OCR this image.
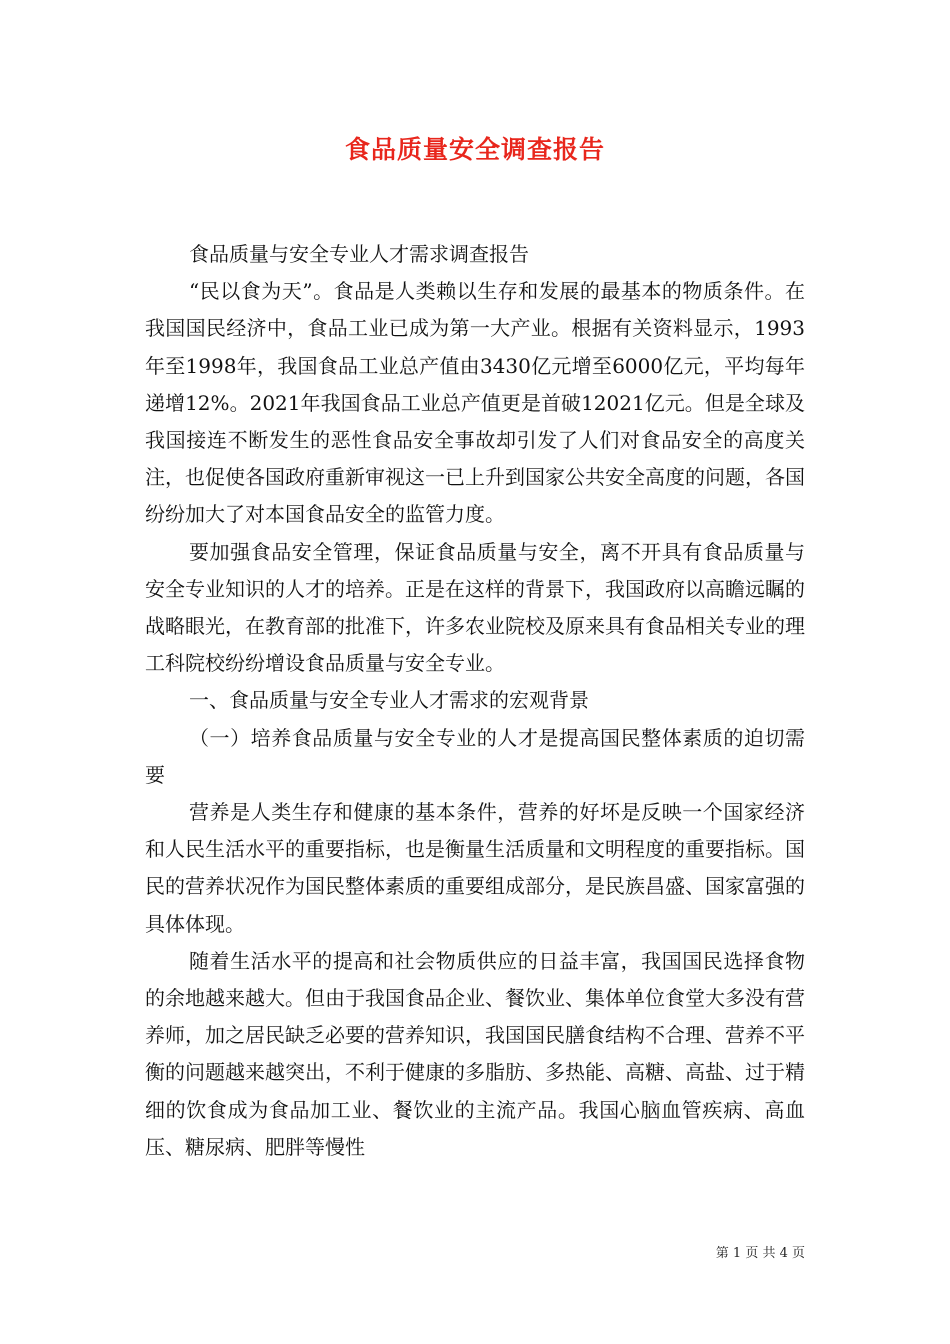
食品质量安全调查报告

食品质量与安全专业人才需求调查报告

“民以食为天”。食品是人类赖以生存和发展的最基本的物质条件。在我国国民经济中，食品工业已成为第一大产业。根据有关资料显示，1993年至1998年，我国食品工业总产值由3430亿元增至6000亿元，平均每年递增12%。2021年我国食品工业总产值更是首破12021亿元。但是全球及我国接连不断发生的恶性食品安全事故却引发了人们对食品安全的高度关注，也促使各国政府重新审视这一已上升到国家公共安全高度的问题，各国纷纷加大了对本国食品安全的监管力度。

要加强食品安全管理，保证食品质量与安全，离不开具有食品质量与安全专业知识的人才的培养。正是在这样的背景下，我国政府以高瞻远瞩的战略眼光，在教育部的批准下，许多农业院校及原来具有食品相关专业的理工科院校纷纷增设食品质量与安全专业。

一、食品质量与安全专业人才需求的宏观背景

（一）培养食品质量与安全专业的人才是提高国民整体素质的迫切需要

营养是人类生存和健康的基本条件，营养的好坏是反映一个国家经济和人民生活水平的重要指标，也是衡量生活质量和文明程度的重要指标。国民的营养状况作为国民整体素质的重要组成部分，是民族昌盛、国家富强的具体体现。

随着生活水平的提高和社会物质供应的日益丰富，我国国民选择食物的余地越来越大。但由于我国食品企业、餐饮业、集体单位食堂大多没有营养师，加之居民缺乏必要的营养知识，我国国民膳食结构不合理、营养不平衡的问题越来越突出，不利于健康的多脂肪、多热能、高糖、高盐、过于精细的饮食成为食品加工业、餐饮业的主流产品。我国心脑血管疾病、高血压、糖尿病、肥胖等慢性

第 1 页 共 4 页
